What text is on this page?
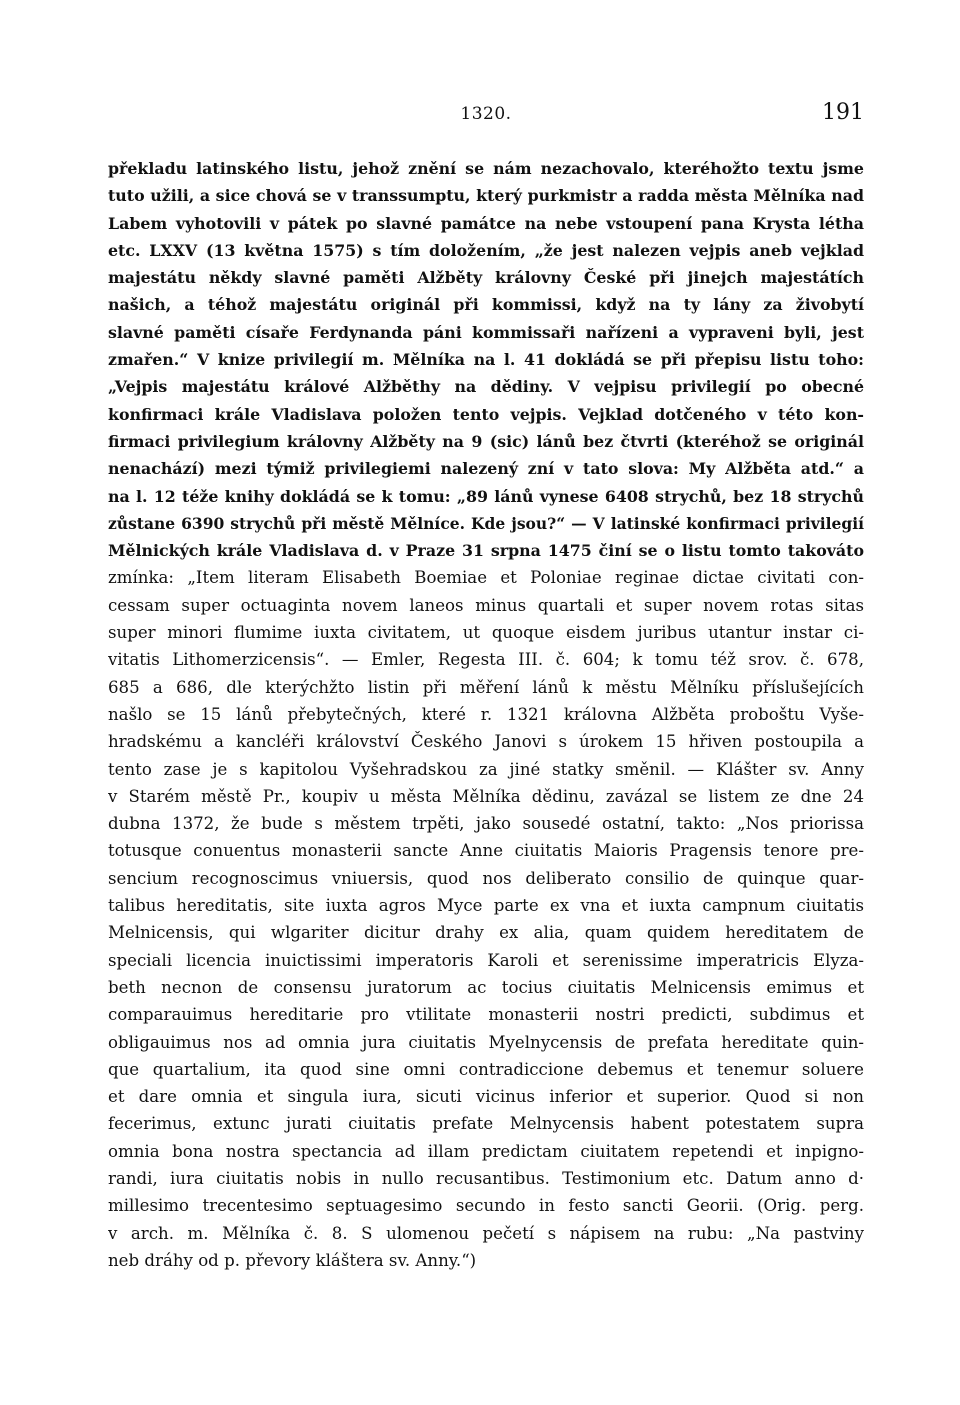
1320.	191
překladu latinského listu, jehož znění se nám nezachovalo, kteréhožto textu jsme
tuto užili, a sice chová se v transsumptu, který purkmistr a radda města Mělníka nad
Labem vyhotovili v pátek po slavné památce na nebe vstoupení pana Krysta létha
etc. LXXV (13 května 1575) s tím doložením, „že jest nalezen vejpis aneb vejklad
majestátu někdy slavné paměti Alžběty královny České při jinejch majestátích
našich, a téhož majestátu originál při kommissi, když na ty lány za živobytí
slavné paměti císaře Ferdynanda páni kommissaři nařízeni a vypraveni byli, jest
zmařen.“ V knize privilegií m. Mělníka na l. 41 dokládá se při přepisu listu toho:
„Vejpis majestátu králové Alžběthy na dědiny. V vejpisu privilegií po obecné
konfirmaci krále Vladislava položen tento vejpis. Vejklad dotčeného v této kon-
firmaci privilegium královny Alžběty na 9 (sic) lánů bez čtvrti (kteréhož se originál
nenachází) mezi týmiž privilegiemi nalezený zní v tato slova: My Alžběta atd.“ a
na l. 12 téže knihy dokládá se k tomu: „89 lánů vynese 6408 strychů, bez 18 strychů
zůstane 6390 strychů při městě Mělníce. Kde jsou?“ — V latinské konfirmaci privilegií
Mělnických krále Vladislava d. v Praze 31 srpna 1475 činí se o listu tomto takováto
zmínka: „Item literam Elisabeth Boemiae et Poloniae reginae dictae civitati con-
cessam super octuaginta novem laneos minus quartali et super novem rotas sitas
super minori flumime iuxta civitatem, ut quoque eisdem juribus utantur instar ci-
vitatis Lithomerzicensis“. — Emler, Regesta III. č. 604; k tomu též srov. č. 678,
685 a 686, dle kterýchžto listin při měření lánů k městu Mělníku příslušejících
našlo se 15 lánů přebytečných, které r. 1321 královna Alžběta proboštu Vyše-
hradskému a kancléři království Českého Janovi s úrokem 15 hřiven postoupila a
tento zase je s kapitolou Vyšehradskou za jiné statky směnil. — Klášter sv. Anny
v Starém městě Pr., koupiv u města Mělníka dědinu, zavázal se listem ze dne 24
dubna 1372, že bude s městem trpěti, jako sousedé ostatní, takto: „Nos priorissa
totusque conuentus monasterii sancte Anne ciuitatis Maioris Pragensis tenore pre-
sencium recognoscimus vniuersis, quod nos deliberato consilio de quinque quar-
talibus hereditatis, site iuxta agros Myce parte ex vna et iuxta campnum ciuitatis
Melnicensis, qui wlgariter dicitur drahy ex alia, quam quidem hereditatem de
speciali licencia inuictissimi imperatoris Karoli et serenissime imperatricis Elyza-
beth necnon de consensu juratorum ac tocius ciuitatis Melnicensis emimus et
comparauimus hereditarie pro vtilitate monasterii nostri predicti, subdimus et
obligauimus nos ad omnia jura ciuitatis Myelnycensis de prefata hereditate quin-
que quartalium, ita quod sine omni contradiccione debemus et tenemur soluere
et dare omnia et singula iura, sicuti vicinus inferior et superior. Quod si non
fecerimus, extunc jurati ciuitatis prefate Melnycensis habent potestatem supra
omnia bona nostra spectancia ad illam predictam ciuitatem repetendi et inpigno-
randi, iura ciuitatis nobis in nullo recusantibus. Testimonium etc. Datum anno d·
millesimo trecentesimo septuagesimo secundo in festo sancti Georii. (Orig. perg.
v arch. m. Mělníka č. 8. S ulomenou pečetí s nápisem na rubu: „Na pastviny
neb dráhy od p. převory kláštera sv. Anny.“)
